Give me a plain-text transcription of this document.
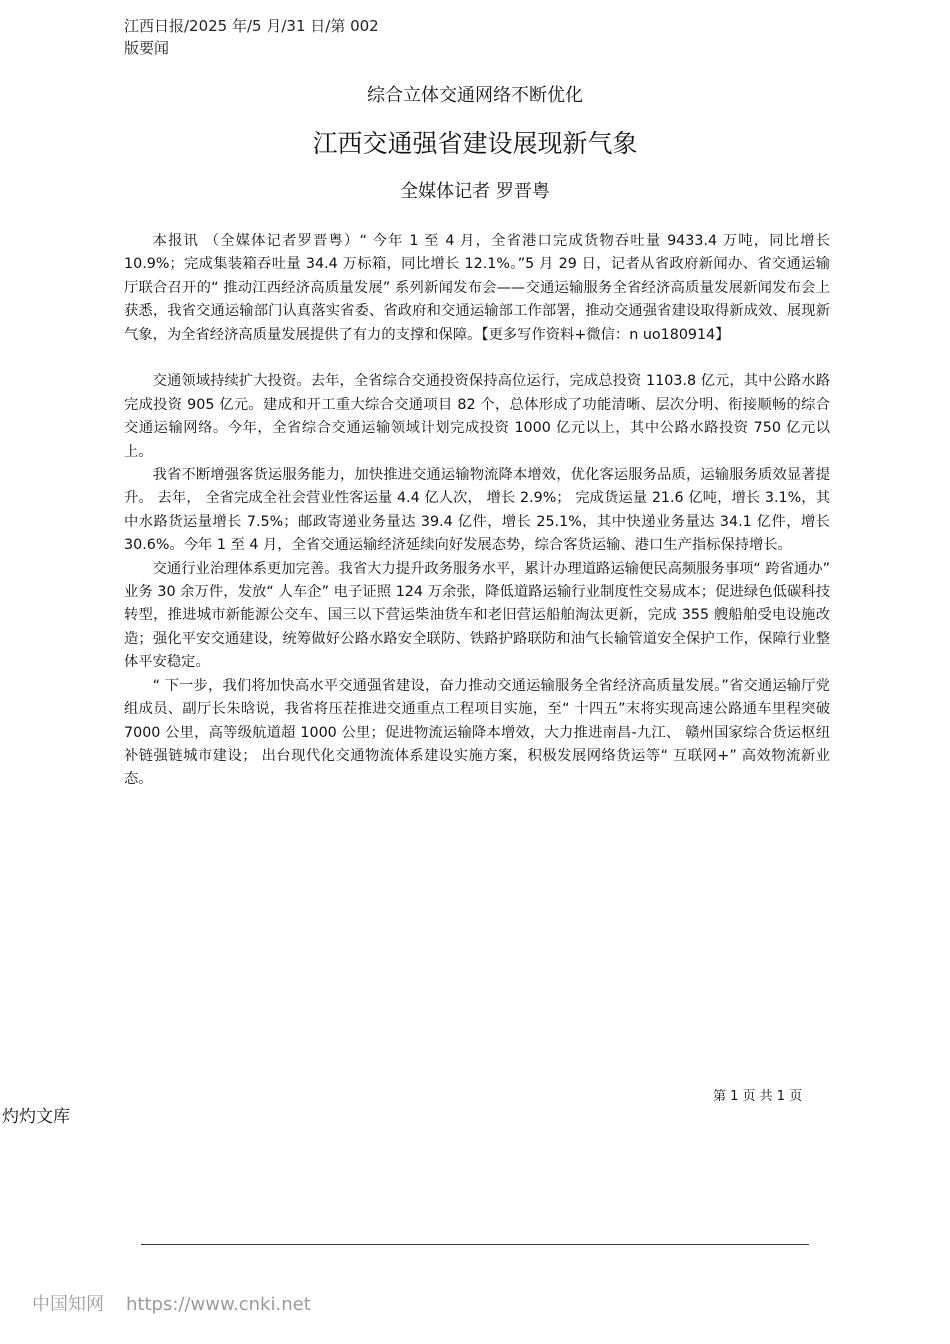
江西日报/2025 年/5 月/31 日/第 002
版要闻
综合立体交通网络不断优化
江西交通强省建设展现新气象
全媒体记者 罗晋粤

本报讯 （全媒体记者罗晋粤）“ 今年 1 至 4 月，全省港口完成货物吞吐量 9433.4 万吨，同比增长 10.9%；完成集装箱吞吐量 34.4 万标箱，同比增长 12.1%。”5 月 29 日，记者从省政府新闻办、省交通运输厅联合召开的“ 推动江西经济高质量发展” 系列新闻发布会——交通运输服务全省经济高质量发展新闻发布会上获悉，我省交通运输部门认真落实省委、省政府和交通运输部工作部署，推动交通强省建设取得新成效、展现新气象，为全省经济高质量发展提供了有力的支撑和保障。【更多写作资料+微信：n uo180914】

交通领域持续扩大投资。去年，全省综合交通投资保持高位运行，完成总投资 1103.8 亿元，其中公路水路完成投资 905 亿元。建成和开工重大综合交通项目 82 个，总体形成了功能清晰、层次分明、衔接顺畅的综合交通运输网络。今年，全省综合交通运输领域计划完成投资 1000 亿元以上，其中公路水路投资 750 亿元以上。

我省不断增强客货运服务能力，加快推进交通运输物流降本增效，优化客运服务品质，运输服务质效显著提升。 去年， 全省完成全社会营业性客运量 4.4 亿人次， 增长 2.9%； 完成货运量 21.6 亿吨，增长 3.1%，其中水路货运量增长 7.5%；邮政寄递业务量达 39.4 亿件，增长 25.1%，其中快递业务量达 34.1 亿件，增长 30.6%。今年 1 至 4 月，全省交通运输经济延续向好发展态势，综合客货运输、港口生产指标保持增长。

交通行业治理体系更加完善。我省大力提升政务服务水平，累计办理道路运输便民高频服务事项“ 跨省通办” 业务 30 余万件，发放“ 人车企” 电子证照 124 万余张，降低道路运输行业制度性交易成本；促进绿色低碳科技转型，推进城市新能源公交车、国三以下营运柴油货车和老旧营运船舶淘汰更新，完成 355 艘船舶受电设施改造；强化平安交通建设，统筹做好公路水路安全联防、铁路护路联防和油气长输管道安全保护工作，保障行业整体平安稳定。

“ 下一步，我们将加快高水平交通强省建设，奋力推动交通运输服务全省经济高质量发展。”省交通运输厅党组成员、副厅长朱晗说，我省将压茬推进交通重点工程项目实施，至“ 十四五”末将实现高速公路通车里程突破 7000 公里，高等级航道超 1000 公里；促进物流运输降本增效，大力推进南昌-九江、 赣州国家综合货运枢纽补链强链城市建设； 出台现代化交通物流体系建设实施方案，积极发展网络货运等“ 互联网+” 高效物流新业态。

第 1 页 共 1 页
灼灼文库
中国知网 https://www.cnki.net
